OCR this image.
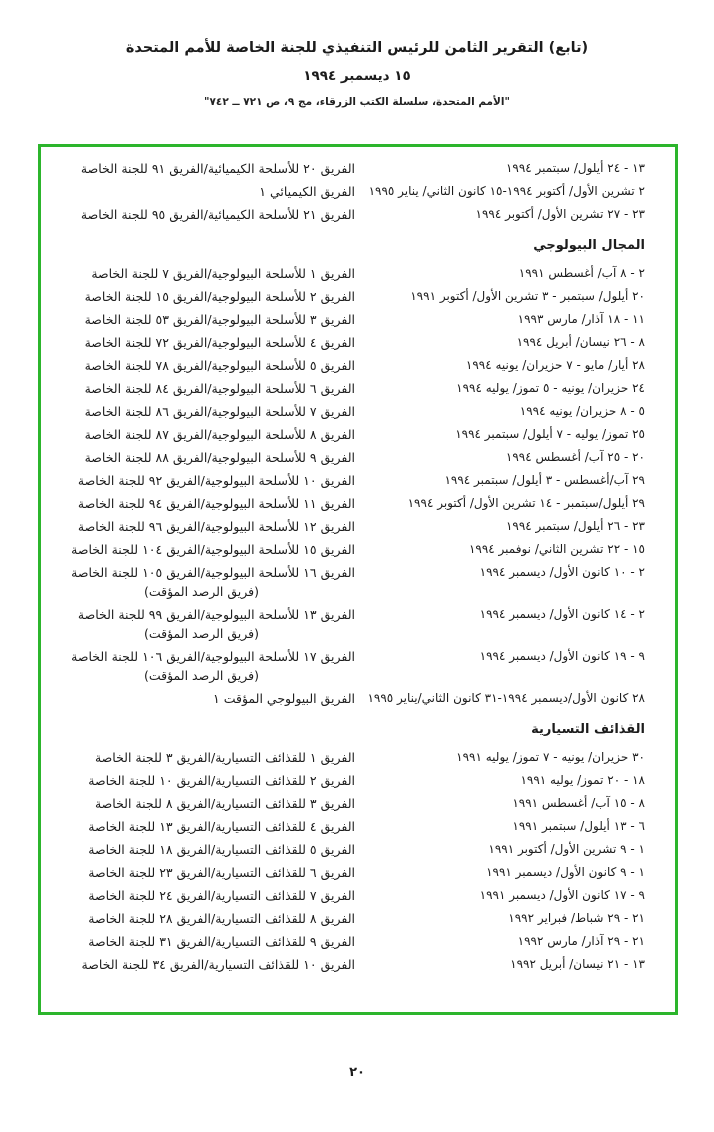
(تابع) التقرير الثامن للرئيس التنفيذي للجنة الخاصة للأمم المتحدة
١٥ ديسمبر ١٩٩٤
"الأمم المتحدة، سلسلة الكتب الزرقاء، مج ٩، ص ٧٢١ ــ ٧٤٢"
١٣ - ٢٤ أيلول/ سبتمبر ١٩٩٤
الفريق ٢٠ للأسلحة الكيميائية/الفريق ٩١ للجنة الخاصة
٢ تشرين الأول/ أكتوبر ١٩٩٤-١٥ كانون الثاني/ يناير ١٩٩٥
الفريق الكيميائي ١
٢٣ - ٢٧ تشرين الأول/ أكتوبر ١٩٩٤
الفريق ٢١ للأسلحة الكيميائية/الفريق ٩٥ للجنة الخاصة
المجال البيولوجي
٢ - ٨ آب/ أغسطس ١٩٩١
الفريق ١ للأسلحة البيولوجية/الفريق ٧ للجنة الخاصة
٢٠ أيلول/ سبتمبر - ٣ تشرين الأول/ أكتوبر ١٩٩١
الفريق ٢ للأسلحة البيولوجية/الفريق ١٥ للجنة الخاصة
١١ - ١٨ آذار/ مارس ١٩٩٣
الفريق ٣ للأسلحة البيولوجية/الفريق ٥٣ للجنة الخاصة
٨ - ٢٦ نيسان/ أبريل ١٩٩٤
الفريق ٤ للأسلحة البيولوجية/الفريق ٧٢ للجنة الخاصة
٢٨ أيار/ مايو - ٧ حزيران/ يونيه ١٩٩٤
الفريق ٥ للأسلحة البيولوجية/الفريق ٧٨ للجنة الخاصة
٢٤ حزيران/ يونيه - ٥ تموز/ يوليه ١٩٩٤
الفريق ٦ للأسلحة البيولوجية/الفريق ٨٤ للجنة الخاصة
٥ - ٨ حزيران/ يونيه ١٩٩٤
الفريق ٧ للأسلحة البيولوجية/الفريق ٨٦ للجنة الخاصة
٢٥ تموز/ يوليه - ٧ أيلول/ سبتمبر ١٩٩٤
الفريق ٨ للأسلحة البيولوجية/الفريق ٨٧ للجنة الخاصة
٢٠ - ٢٥ آب/ أغسطس ١٩٩٤
الفريق ٩ للأسلحة البيولوجية/الفريق ٨٨ للجنة الخاصة
٢٩ آب/أغسطس - ٣ أيلول/ سبتمبر ١٩٩٤
الفريق ١٠ للأسلحة البيولوجية/الفريق ٩٢ للجنة الخاصة
٢٩ أيلول/سبتمبر - ١٤ تشرين الأول/ أكتوبر ١٩٩٤
الفريق ١١ للأسلحة البيولوجية/الفريق ٩٤ للجنة الخاصة
٢٣ - ٢٦ أيلول/ سبتمبر ١٩٩٤
الفريق ١٢ للأسلحة البيولوجية/الفريق ٩٦ للجنة الخاصة
١٥ - ٢٢ تشرين الثاني/ نوفمبر ١٩٩٤
الفريق ١٥ للأسلحة البيولوجية/الفريق ١٠٤ للجنة الخاصة
٢ - ١٠ كانون الأول/ ديسمبر ١٩٩٤
الفريق ١٦ للأسلحة البيولوجية/الفريق ١٠٥ للجنة الخاصة
(فريق الرصد المؤقت)
٢ - ١٤ كانون الأول/ ديسمبر ١٩٩٤
الفريق ١٣ للأسلحة البيولوجية/الفريق ٩٩ للجنة الخاصة
(فريق الرصد المؤقت)
٩ - ١٩ كانون الأول/ ديسمبر ١٩٩٤
الفريق ١٧ للأسلحة البيولوجية/الفريق ١٠٦ للجنة الخاصة
(فريق الرصد المؤقت)
٢٨ كانون الأول/ديسمبر ١٩٩٤-٣١ كانون الثاني/يناير ١٩٩٥
الفريق البيولوجي المؤقت ١
القذائف التسيارية
٣٠ حزيران/ يونيه - ٧ تموز/ يوليه ١٩٩١
الفريق ١ للقذائف التسيارية/الفريق ٣ للجنة الخاصة
١٨ - ٢٠ تموز/ يوليه ١٩٩١
الفريق ٢ للقذائف التسيارية/الفريق ١٠ للجنة الخاصة
٨ - ١٥ آب/ أغسطس ١٩٩١
الفريق ٣ للقذائف التسيارية/الفريق ٨ للجنة الخاصة
٦ - ١٣ أيلول/ سبتمبر ١٩٩١
الفريق ٤ للقذائف التسيارية/الفريق ١٣ للجنة الخاصة
١ - ٩ تشرين الأول/ أكتوبر ١٩٩١
الفريق ٥ للقذائف التسيارية/الفريق ١٨ للجنة الخاصة
١ - ٩ كانون الأول/ ديسمبر ١٩٩١
الفريق ٦ للقذائف التسيارية/الفريق ٢٣ للجنة الخاصة
٩ - ١٧ كانون الأول/ ديسمبر ١٩٩١
الفريق ٧ للقذائف التسيارية/الفريق ٢٤ للجنة الخاصة
٢١ - ٢٩ شباط/ فبراير ١٩٩٢
الفريق ٨ للقذائف التسيارية/الفريق ٢٨ للجنة الخاصة
٢١ - ٢٩ آذار/ مارس ١٩٩٢
الفريق ٩ للقذائف التسيارية/الفريق ٣١ للجنة الخاصة
١٣ - ٢١ نيسان/ أبريل ١٩٩٢
الفريق ١٠ للقذائف التسيارية/الفريق ٣٤ للجنة الخاصة
٢٠
